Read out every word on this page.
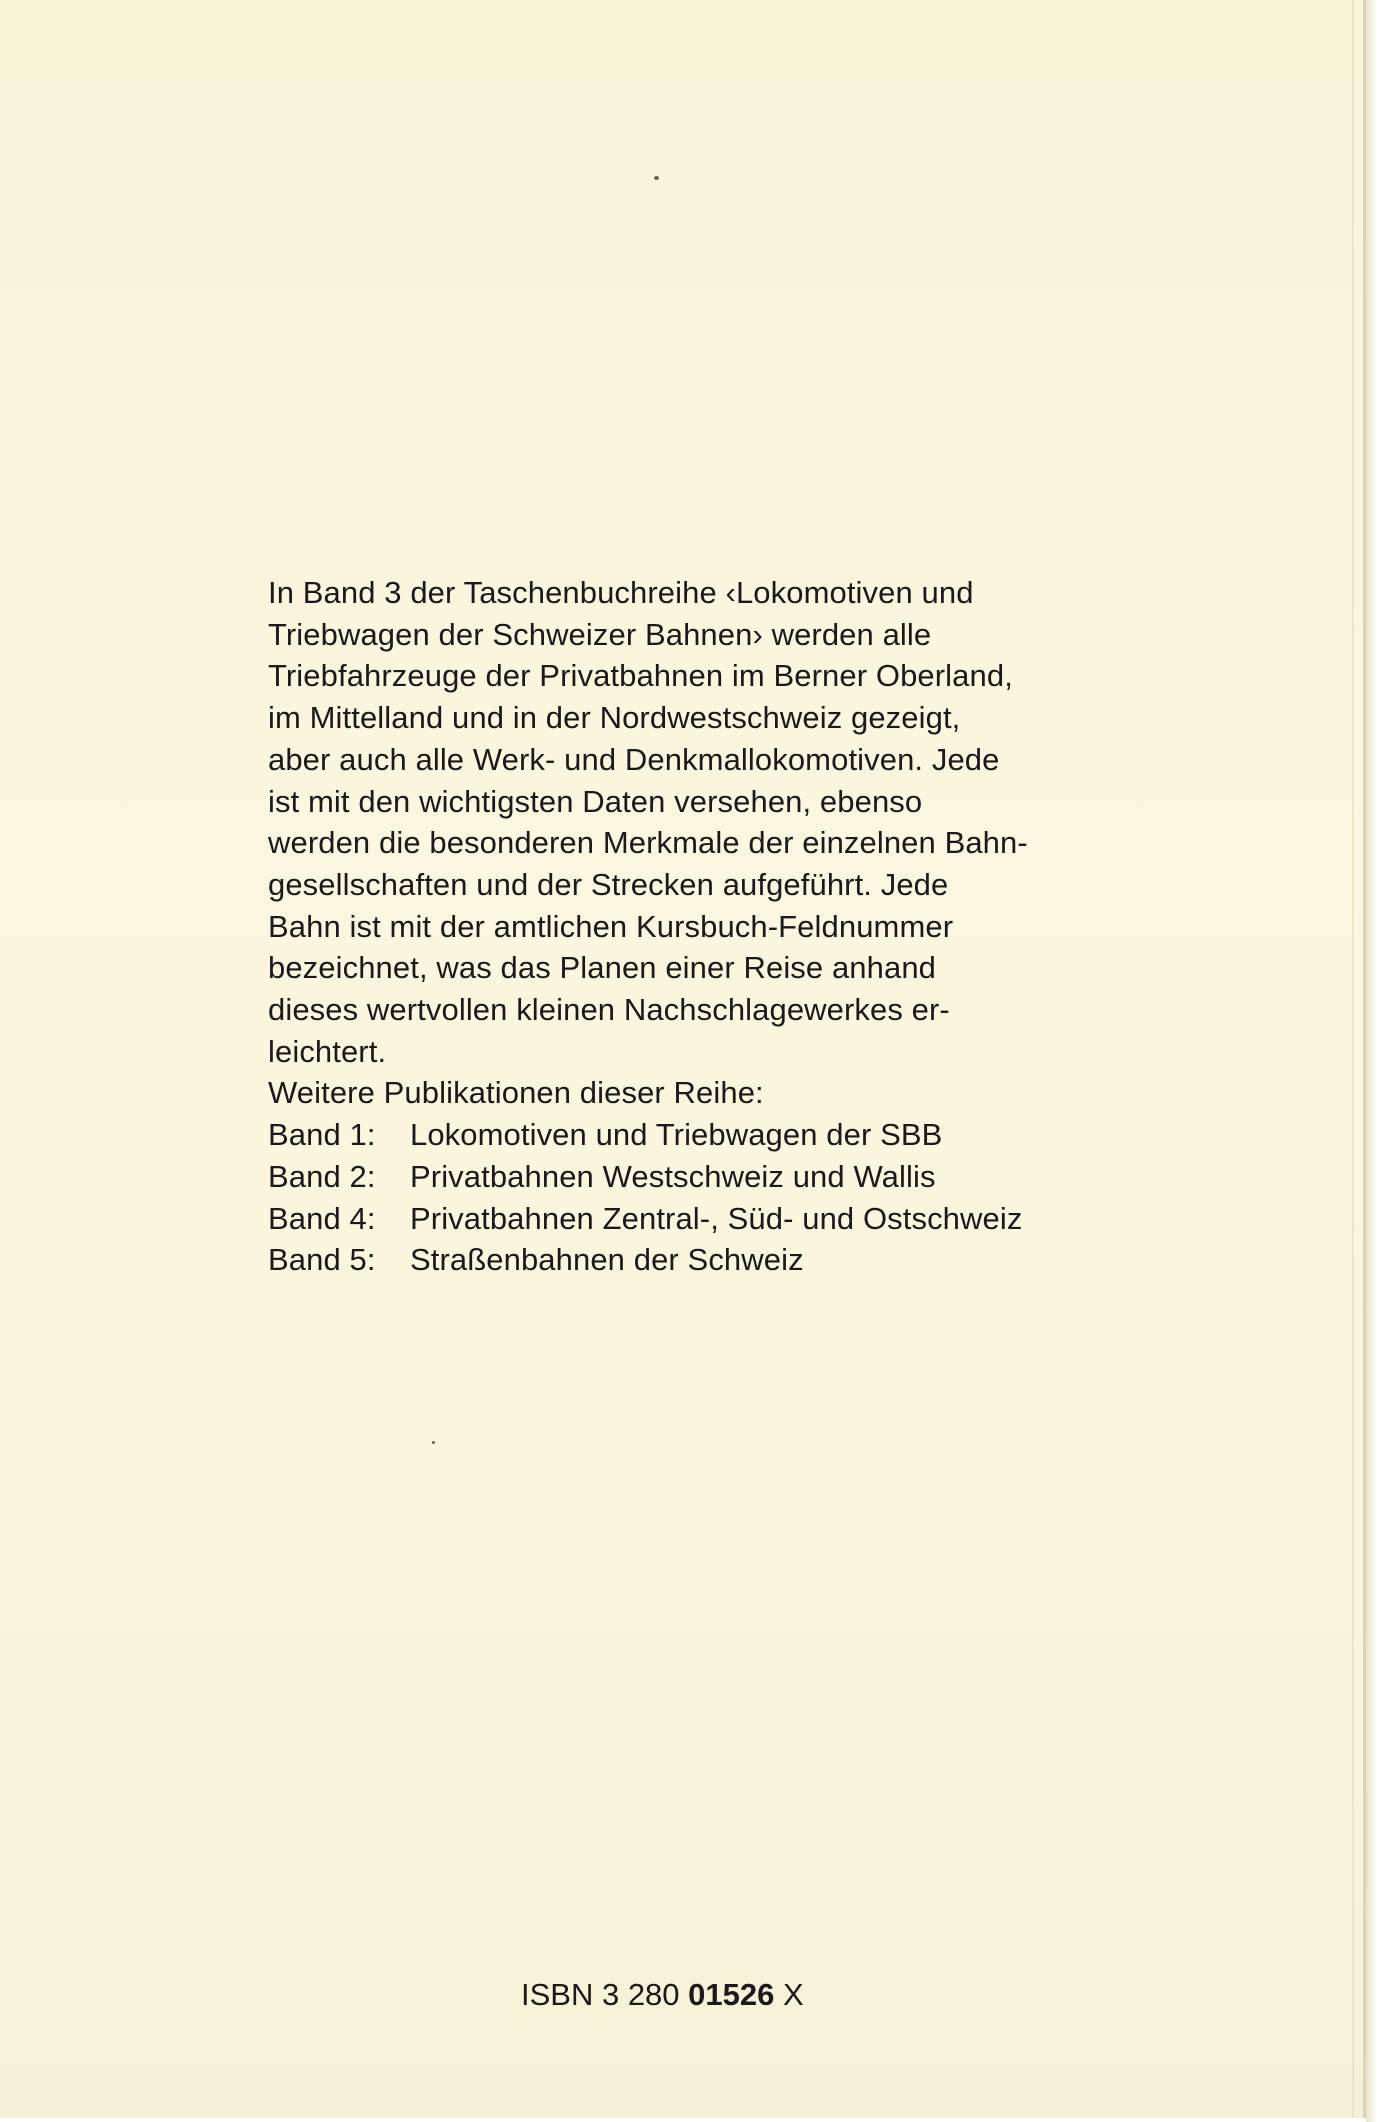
In Band 3 der Taschenbuchreihe ‹Lokomotiven und
Triebwagen der Schweizer Bahnen› werden alle
Triebfahrzeuge der Privatbahnen im Berner Oberland,
im Mittelland und in der Nordwestschweiz gezeigt,
aber auch alle Werk- und Denkmallokomotiven. Jede
ist mit den wichtigsten Daten versehen, ebenso
werden die besonderen Merkmale der einzelnen Bahn-
gesellschaften und der Strecken aufgeführt. Jede
Bahn ist mit der amtlichen Kursbuch-Feldnummer
bezeichnet, was das Planen einer Reise anhand
dieses wertvollen kleinen Nachschlagewerkes er-
leichtert.
Weitere Publikationen dieser Reihe:
Band 1:	Lokomotiven und Triebwagen der SBB
Band 2:	Privatbahnen Westschweiz und Wallis
Band 4:	Privatbahnen Zentral-, Süd- und Ostschweiz
Band 5:	Straßenbahnen der Schweiz
ISBN 3 280 01526 X
